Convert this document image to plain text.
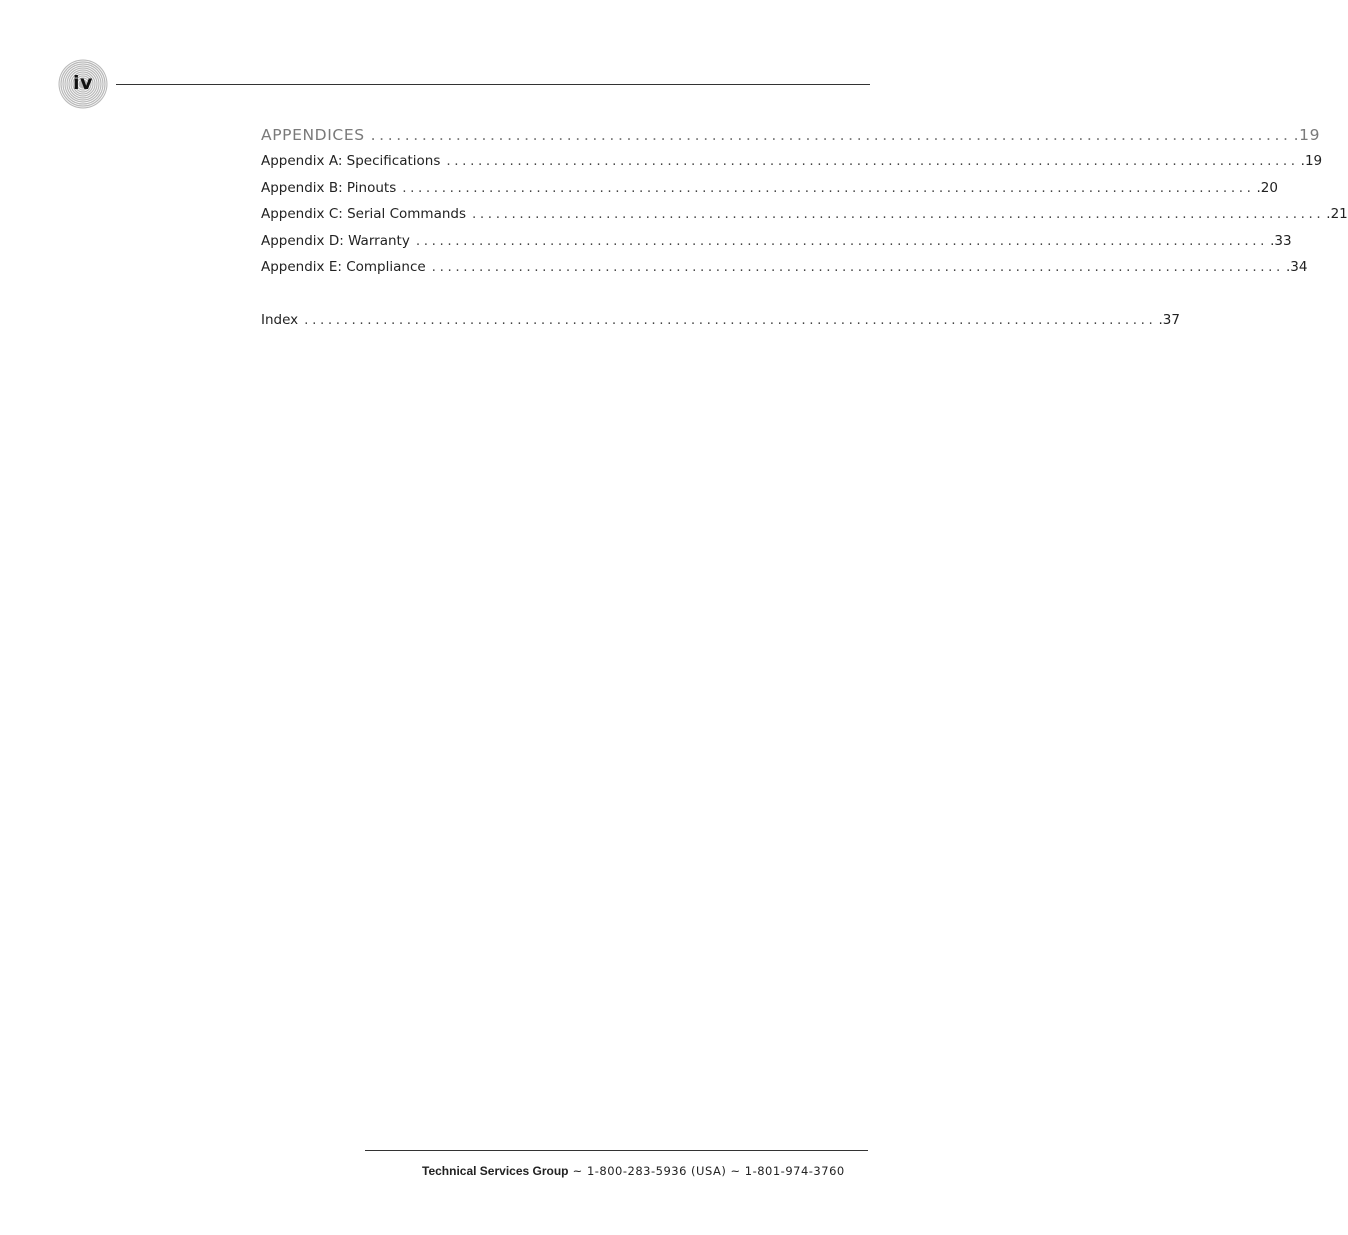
iv
APPENDICES ............................................................................................................ .19
Appendix A: Specifications ............................................................................................................ .19
Appendix B: Pinouts ............................................................................................................ .20
Appendix C: Serial Commands ............................................................................................................ .21
Appendix D: Warranty ............................................................................................................ .33
Appendix E: Compliance ............................................................................................................ .34
Index ............................................................................................................ .37
Technical Services Group ~ 1-800-283-5936 (USA) ~ 1-801-974-3760
